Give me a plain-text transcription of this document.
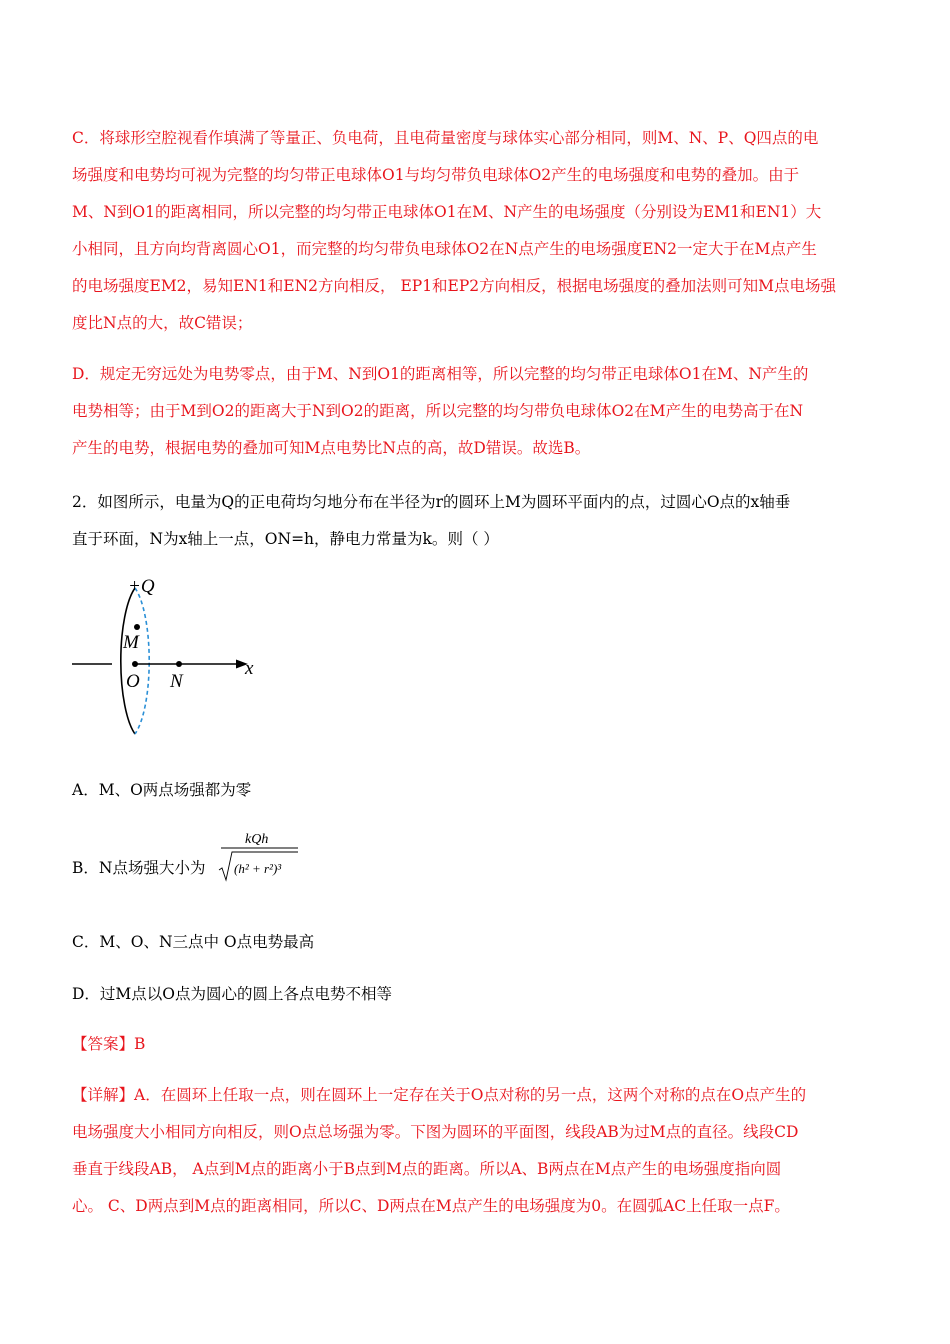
C．将球形空腔视看作填满了等量正、负电荷，且电荷量密度与球体实心部分相同，则M、N、P、Q四点的电
场强度和电势均可视为完整的均匀带正电球体O1与均匀带负电球体O2产生的电场强度和电势的叠加。由于
M、N到O1的距离相同，所以完整的均匀带正电球体O1在M、N产生的电场强度（分别设为EM1和EN1）大
小相同，且方向均背离圆心O1，而完整的均匀带负电球体O2在N点产生的电场强度EN2一定大于在M点产生
的电场强度EM2，易知EN1和EN2方向相反， EP1和EP2方向相反，根据电场强度的叠加法则可知M点电场强
度比N点的大，故C错误；
D．规定无穷远处为电势零点，由于M、N到O1的距离相等，所以完整的均匀带正电球体O1在M、N产生的
电势相等；由于M到O2的距离大于N到O2的距离，所以完整的均匀带负电球体O2在M产生的电势高于在N
产生的电势，根据电势的叠加可知M点电势比N点的高，故D错误。故选B。
2．如图所示，电量为Q的正电荷均匀地分布在半径为r的圆环上M为圆环平面内的点，过圆心O点的x轴垂
直于环面，N为x轴上一点，ON=h，静电力常量为k。则（ ）
+Q
M
O N
x
A．M、O两点场强都为零
B．N点场强大小为
kQh
(h² + r²)³
C．M、O、N三点中 O点电势最高
D．过M点以O点为圆心的圆上各点电势不相等
【答案】B
【详解】A．在圆环上任取一点，则在圆环上一定存在关于O点对称的另一点，这两个对称的点在O点产生的
电场强度大小相同方向相反，则O点总场强为零。下图为圆环的平面图，线段AB为过M点的直径。线段CD
垂直于线段AB， A点到M点的距离小于B点到M点的距离。所以A、B两点在M点产生的电场强度指向圆
心。 C、D两点到M点的距离相同，所以C、D两点在M点产生的电场强度为0。在圆弧AC上任取一点F。
